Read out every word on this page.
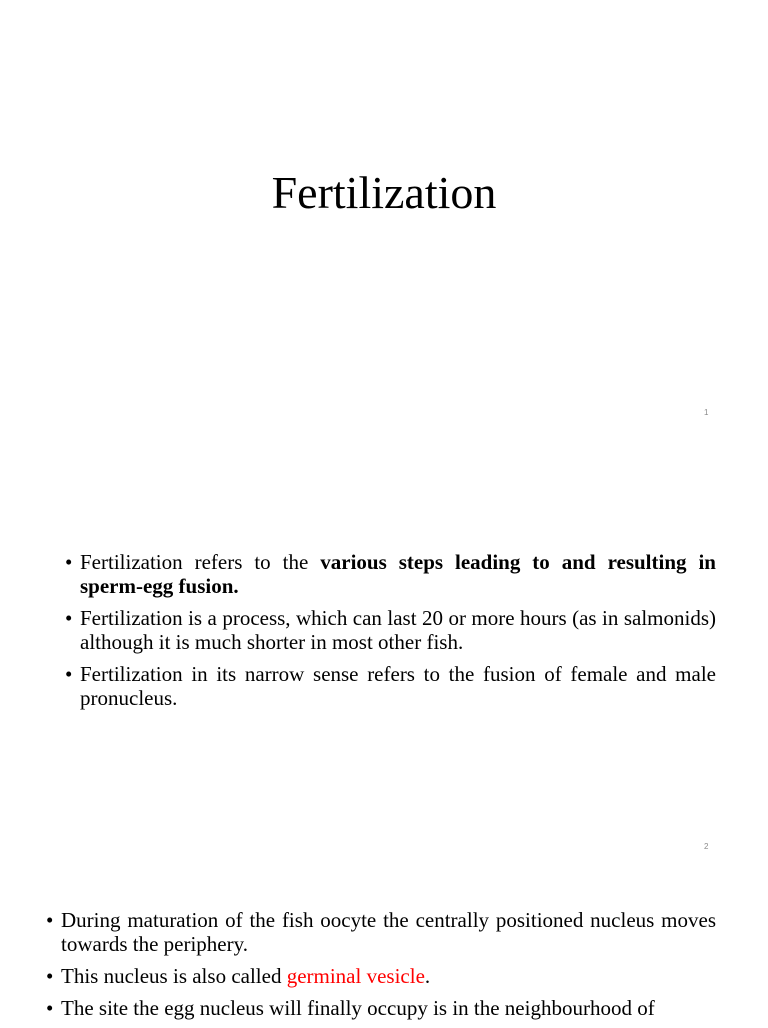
Fertilization
1
• Fertilization refers to the various steps leading to and resulting in sperm-egg fusion.
• Fertilization is a process, which can last 20 or more hours (as in salmonids) although it is much shorter in most other fish.
• Fertilization in its narrow sense refers to the fusion of female and male pronucleus.
2
• During maturation of the fish oocyte the centrally positioned nucleus moves towards the periphery.
• This nucleus is also called germinal vesicle.
• The site the egg nucleus will finally occupy is in the neighbourhood of
